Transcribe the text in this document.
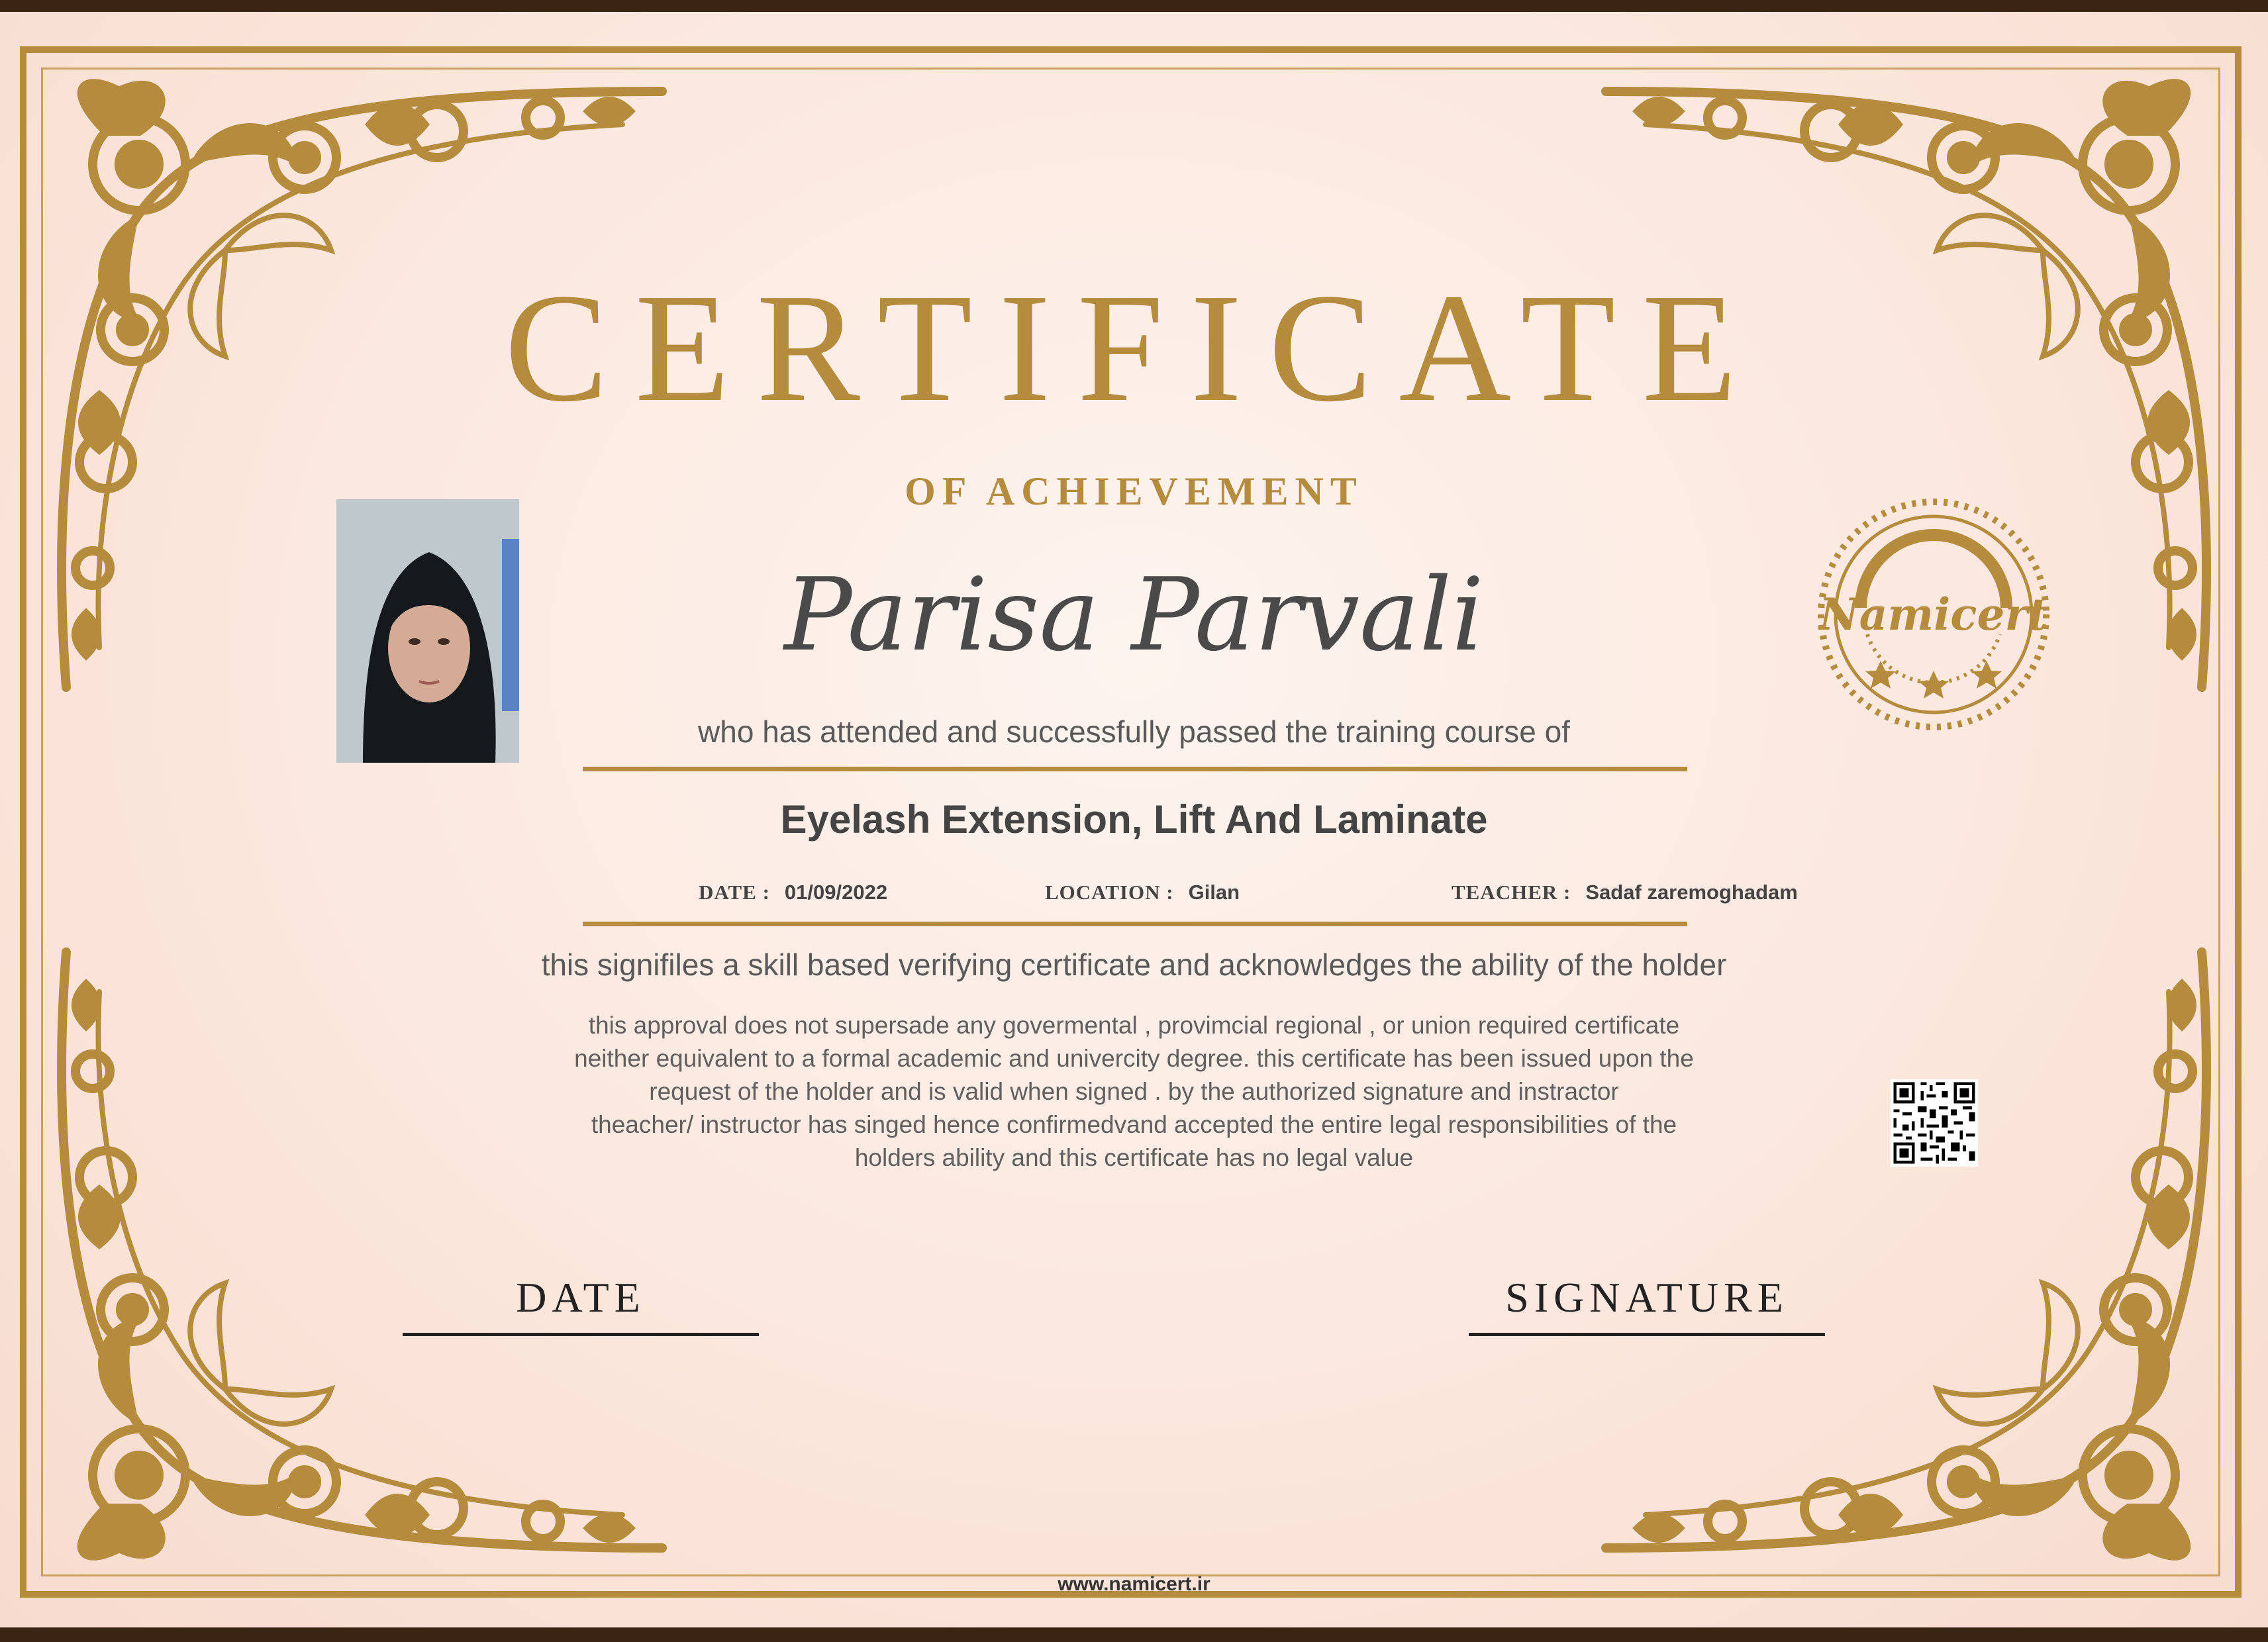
CERTIFICATE
OF ACHIEVEMENT
Parisa Parvali
who has attended and successfully passed the training course of
Eyelash Extension, Lift And Laminate
DATE : 01/09/2022	LOCATION : Gilan	TEACHER : Sadaf zaremoghadam
this signifiles a skill based verifying certificate and acknowledges the ability of the holder
this approval does not supersade any govermental , provimcial regional , or union required certificate
neither equivalent to a formal academic and univercity degree. this certificate has been issued upon the
request of the holder and is valid when signed . by the authorized signature and instractor
theacher/ instructor has singed hence confirmedvand accepted the entire legal responsibilities of the
holders ability and this certificate has no legal value
Namicert
DATE	SIGNATURE
www.namicert.ir
